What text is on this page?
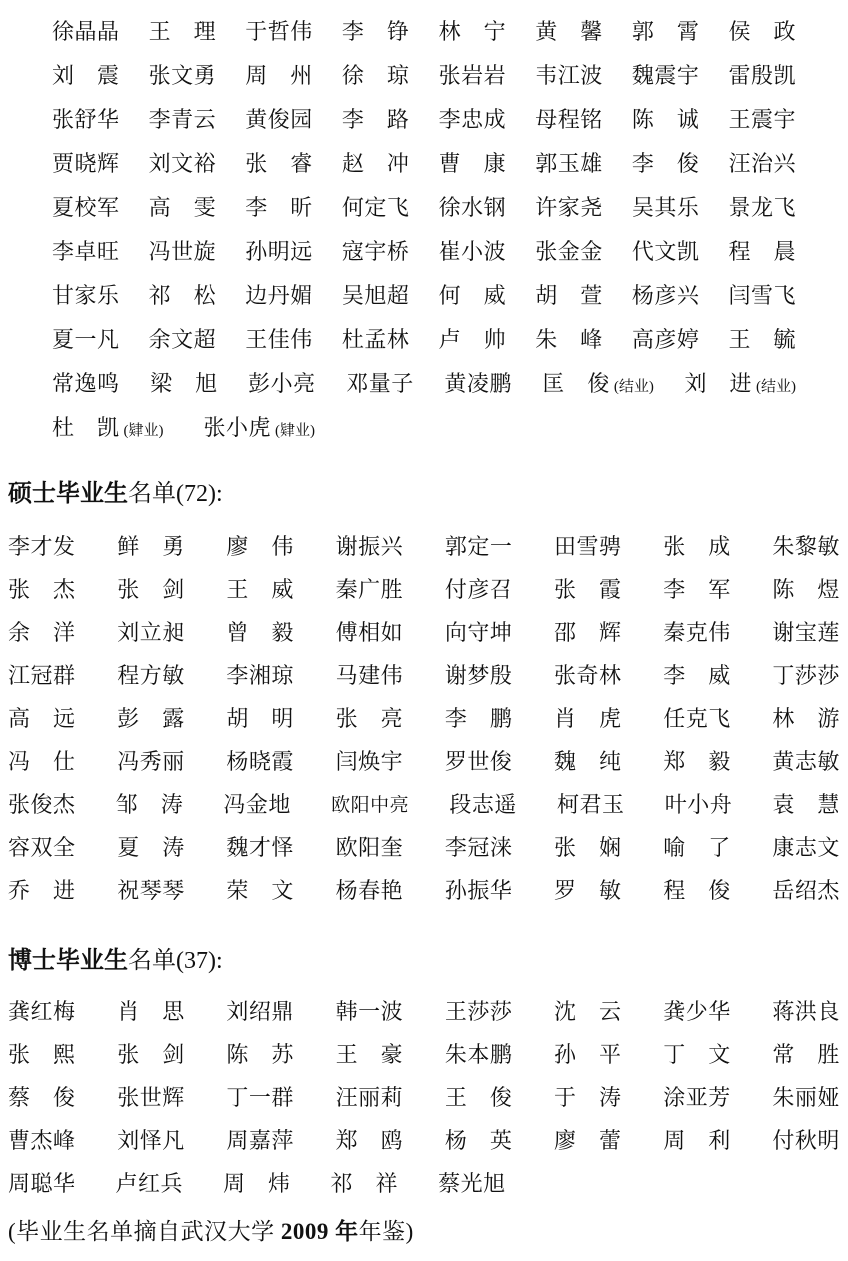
徐晶晶 王　理 于哲伟 李　铮 林　宁 黄　馨 郭　霄 侯　政
刘　震 张文勇 周　州 徐　琼 张岩岩 韦江波 魏震宇 雷殷凯
张舒华 李青云 黄俊园 李　路 李忠成 母程铭 陈　诚 王震宇
贾晓辉 刘文裕 张　睿 赵　冲 曹　康 郭玉雄 李　俊 汪治兴
夏校军 高　雯 李　昕 何定飞 徐水钢 许家尧 吴其乐 景龙飞
李卓旺 冯世旋 孙明远 寇宇桥 崔小波 张金金 代文凯 程　晨
甘家乐 祁　松 边丹媚 吴旭超 何　威 胡　萱 杨彦兴 闫雪飞
夏一凡 余文超 王佳伟 杜孟林 卢　帅 朱　峰 高彦婷 王　毓
常逸鸣 梁　旭 彭小亮 邓量子 黄凌鹏 匡　俊 (结业) 刘　进 (结业)
杜　凯 (肄业) 张小虎 (肄业)
硕士毕业生名单(72):
李才发 鲜　勇 廖　伟 谢振兴 郭定一 田雪骋 张　成 朱黎敏
张　杰 张　剑 王　威 秦广胜 付彦召 张　霞 李　军 陈　煜
余　洋 刘立昶 曾　毅 傅相如 向守坤 邵　辉 秦克伟 谢宝莲
江冠群 程方敏 李湘琼 马建伟 谢梦殷 张奇林 李　威 丁莎莎
高　远 彭　露 胡　明 张　亮 李　鹏 肖　虎 任克飞 林　游
冯　仕 冯秀丽 杨晓霞 闫焕宇 罗世俊 魏　纯 郑　毅 黄志敏
张俊杰 邹　涛 冯金地 欧阳中亮 段志遥 柯君玉 叶小舟 袁　慧
容双全 夏　涛 魏才怿 欧阳奎 李冠涞 张　娴 喻　了 康志文
乔　进 祝琴琴 荣　文 杨春艳 孙振华 罗　敏 程　俊 岳绍杰
博士毕业生名单(37):
龚红梅 肖　思 刘绍鼎 韩一波 王莎莎 沈　云 龚少华 蒋洪良
张　熙 张　剑 陈　苏 王　豪 朱本鹏 孙　平 丁　文 常　胜
蔡　俊 张世辉 丁一群 汪丽莉 王　俊 于　涛 涂亚芳 朱丽娅
曹杰峰 刘怿凡 周嘉萍 郑　鸥 杨　英 廖　蕾 周　利 付秋明
周聪华 卢红兵 周　炜 祁　祥 蔡光旭
(毕业生名单摘自武汉大学 2009 年年鉴)
